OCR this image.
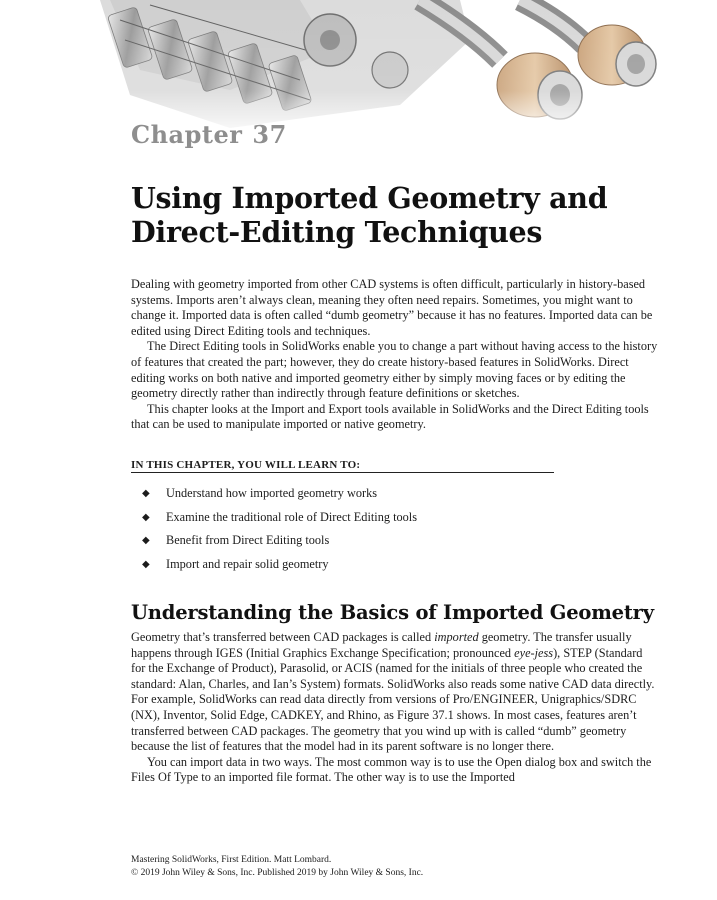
Chapter 37
Using Imported Geometry and
Direct-Editing Techniques

Dealing with geometry imported from other CAD systems is often difficult, particularly in history-based systems. Imports aren’t always clean, meaning they often need repairs. Sometimes, you might want to change it. Imported data is often called “dumb geometry” because it has no features. Imported data can be edited using Direct Editing tools and techniques.

The Direct Editing tools in SolidWorks enable you to change a part without having access to the history of features that created the part; however, they do create history-based features in SolidWorks. Direct editing works on both native and imported geometry either by simply moving faces or by editing the geometry directly rather than indirectly through feature definitions or sketches.

This chapter looks at the Import and Export tools available in SolidWorks and the Direct Editing tools that can be used to manipulate imported or native geometry.

IN THIS CHAPTER, YOU WILL LEARN TO:
◆	Understand how imported geometry works
◆	Examine the traditional role of Direct Editing tools
◆	Benefit from Direct Editing tools
◆	Import and repair solid geometry
Understanding the Basics of Imported Geometry

Geometry that’s transferred between CAD packages is called imported geometry. The transfer usually happens through IGES (Initial Graphics Exchange Specification; pronounced eye-jess), STEP (Standard for the Exchange of Product), Parasolid, or ACIS (named for the initials of three people who created the standard: Alan, Charles, and Ian’s System) formats. SolidWorks also reads some native CAD data directly. For example, SolidWorks can read data directly from versions of Pro/ENGINEER, Unigraphics/SDRC (NX), Inventor, Solid Edge, CADKEY, and Rhino, as Figure 37.1 shows. In most cases, features aren’t transferred between CAD packages. The geometry that you wind up with is called “dumb” geometry because the list of features that the model had in its parent software is no longer there.

You can import data in two ways. The most common way is to use the Open dialog box and switch the Files Of Type to an imported file format. The other way is to use the Imported

Mastering SolidWorks, First Edition. Matt Lombard.
© 2019 John Wiley & Sons, Inc. Published 2019 by John Wiley & Sons, Inc.
